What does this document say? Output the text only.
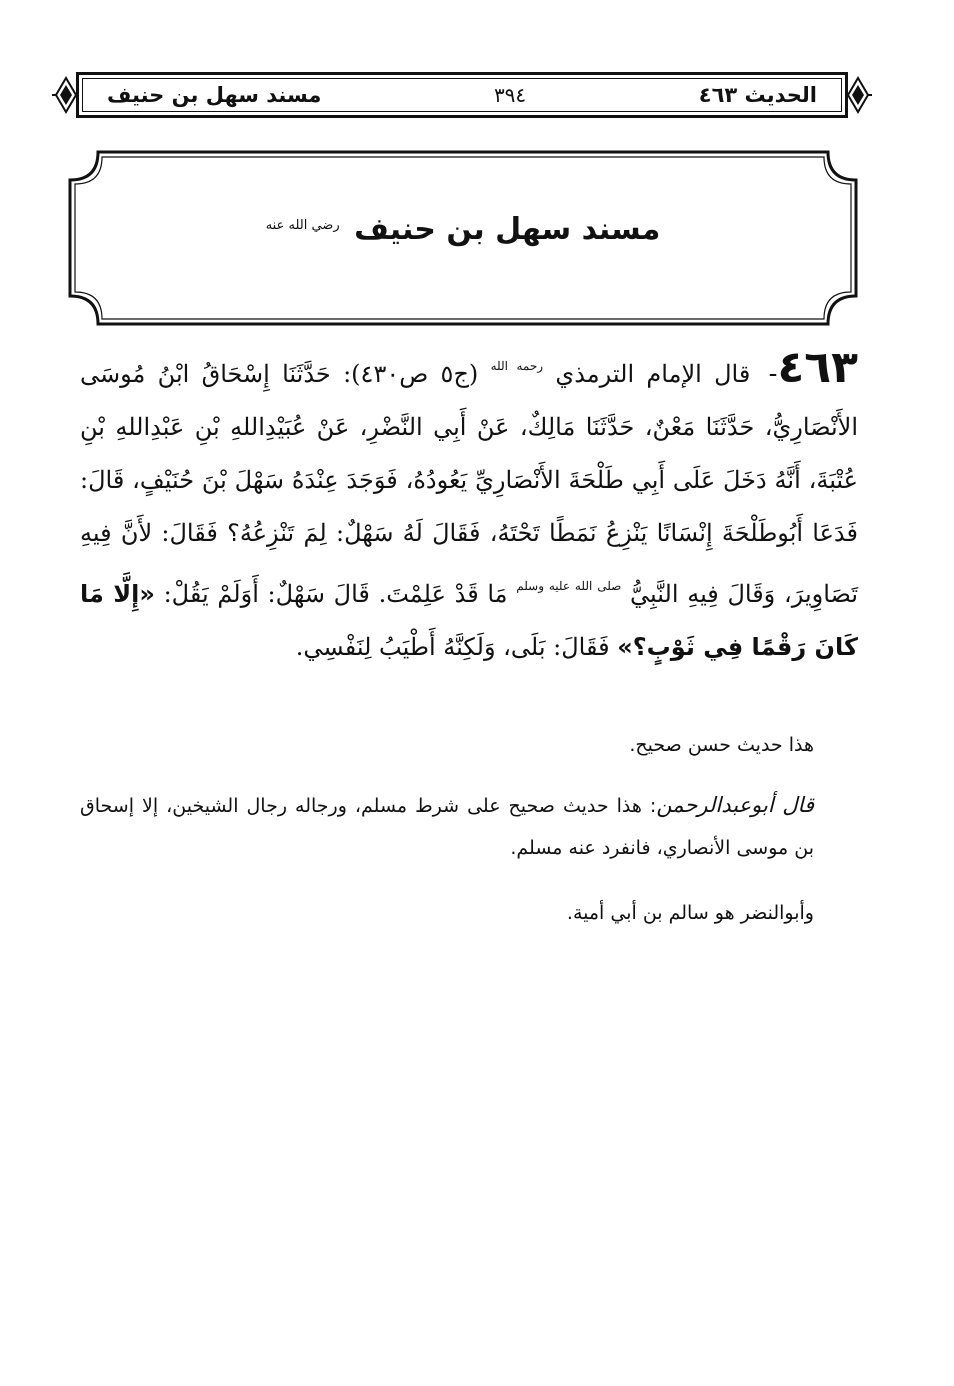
الحديث ٤٦٣
٣٩٤
مسند سهل بن حنيف
مسند سهل بن حنيف $^{رضي الله عنه}$
٤٦٣- قال الإمام الترمذي $^{رحمه الله}$ (ج٥ ص٤٣٠): حَدَّثَنَا إِسْحَاقُ ابْنُ مُوسَى الأَنْصَارِيُّ، حَدَّثَنَا مَعْنٌ، حَدَّثَنَا مَالِكٌ، عَنْ أَبِي النَّضْرِ، عَنْ عُبَيْدِاللهِ بْنِ عَبْدِاللهِ بْنِ عُتْبَةَ، أَنَّهُ دَخَلَ عَلَى أَبِي طَلْحَةَ الأَنْصَارِيِّ يَعُودُهُ، فَوَجَدَ عِنْدَهُ سَهْلَ بْنَ حُنَيْفٍ، قَالَ: فَدَعَا أَبُوطَلْحَةَ إِنْسَانًا يَنْزِعُ نَمَطًا تَحْتَهُ، فَقَالَ لَهُ سَهْلٌ: لِمَ تَنْزِعُهُ؟ فَقَالَ: لأَنَّ فِيهِ تَصَاوِيرَ، وَقَالَ فِيهِ النَّبِيُّ $^{صلى الله عليه وسلم}$ مَا قَدْ عَلِمْتَ. قَالَ سَهْلٌ: أَوَلَمْ يَقُلْ: «إِلَّا مَا كَانَ رَقْمًا فِي ثَوْبٍ؟» فَقَالَ: بَلَى، وَلَكِنَّهُ أَطْيَبُ لِنَفْسِي.
هذا حديث حسن صحيح.
قال أبوعبدالرحمن: هذا حديث صحيح على شرط مسلم، ورجاله رجال الشيخين، إلا إسحاق بن موسى الأنصاري، فانفرد عنه مسلم.
وأبوالنضر هو سالم بن أبي أمية.
